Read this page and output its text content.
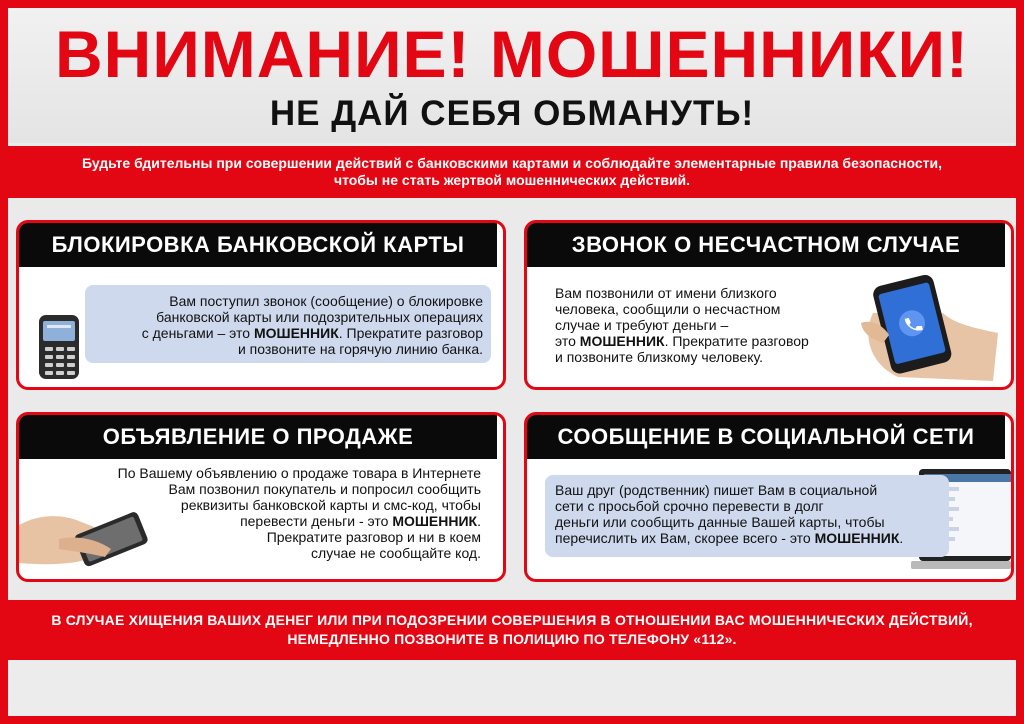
ВНИМАНИЕ! МОШЕННИКИ!
НЕ ДАЙ СЕБЯ ОБМАНУТЬ!
Будьте бдительны при совершении действий с банковскими картами и соблюдайте элементарные правила безопасности,
чтобы не стать жертвой мошеннических действий.
БЛОКИРОВКА БАНКОВСКОЙ КАРТЫ
Вам поступил звонок (сообщение) о блокировке
банковской карты или подозрительных операциях
с деньгами – это МОШЕННИК. Прекратите разговор
и позвоните на горячую линию банка.
ЗВОНОК О НЕСЧАСТНОМ СЛУЧАЕ
Вам позвонили от имени близкого
человека, сообщили о несчастном
случае и требуют деньги –
это МОШЕННИК. Прекратите разговор
и позвоните близкому человеку.
ОБЪЯВЛЕНИЕ О ПРОДАЖЕ
По Вашему объявлению о продаже товара в Интернете
Вам позвонил покупатель и попросил сообщить
реквизиты банковской карты и смс-код, чтобы
перевести деньги - это МОШЕННИК.
Прекратите разговор и ни в коем
случае не сообщайте код.
СООБЩЕНИЕ В СОЦИАЛЬНОЙ СЕТИ
Ваш друг (родственник) пишет Вам в социальной
сети с просьбой срочно перевести в долг
деньги или сообщить данные Вашей карты, чтобы
перечислить их Вам, скорее всего - это МОШЕННИК.
В СЛУЧАЕ ХИЩЕНИЯ ВАШИХ ДЕНЕГ ИЛИ ПРИ ПОДОЗРЕНИИ СОВЕРШЕНИЯ В ОТНОШЕНИИ ВАС МОШЕННИЧЕСКИХ ДЕЙСТВИЙ,
НЕМЕДЛЕННО ПОЗВОНИТЕ В ПОЛИЦИЮ ПО ТЕЛЕФОНУ «112».
